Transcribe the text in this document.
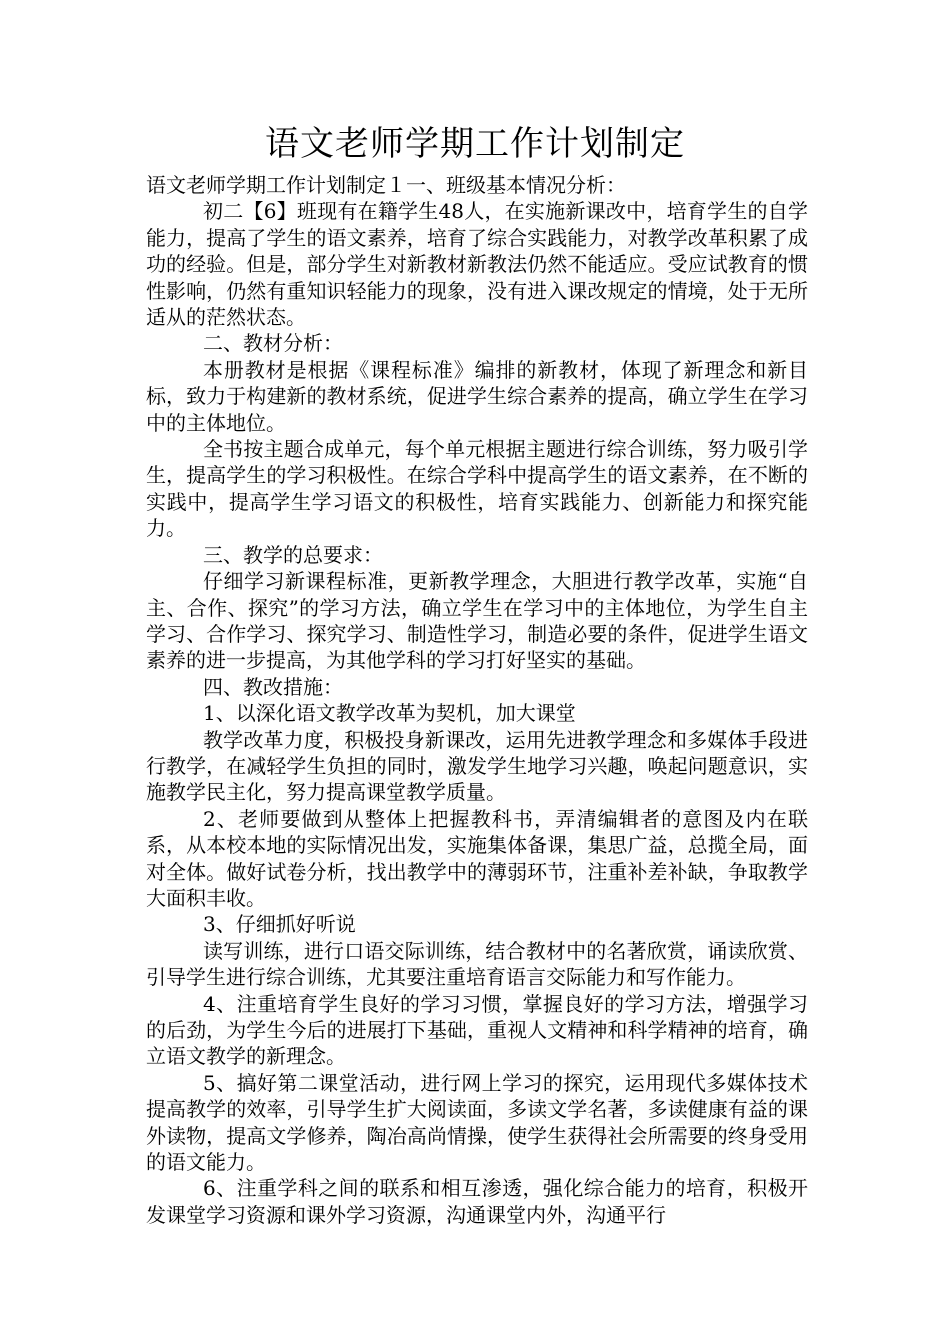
语文老师学期工作计划制定

语文老师学期工作计划制定１一、班级基本情况分析：

初二【6】班现有在籍学生48人，在实施新课改中，培育学生的自学能力，提高了学生的语文素养，培育了综合实践能力，对教学改革积累了成功的经验。但是，部分学生对新教材新教法仍然不能适应。受应试教育的惯性影响，仍然有重知识轻能力的现象，没有进入课改规定的情境，处于无所适从的茫然状态。

二、教材分析：

本册教材是根据《课程标准》编排的新教材，体现了新理念和新目标，致力于构建新的教材系统，促进学生综合素养的提高，确立学生在学习中的主体地位。

全书按主题合成单元，每个单元根据主题进行综合训练，努力吸引学生，提高学生的学习积极性。在综合学科中提高学生的语文素养，在不断的实践中，提高学生学习语文的积极性，培育实践能力、创新能力和探究能力。

三、教学的总要求：

仔细学习新课程标准，更新教学理念，大胆进行教学改革，实施“自主、合作、探究”的学习方法，确立学生在学习中的主体地位，为学生自主学习、合作学习、探究学习、制造性学习，制造必要的条件，促进学生语文素养的进一步提高，为其他学科的学习打好坚实的基础。

四、教改措施：

1、以深化语文教学改革为契机，加大课堂

教学改革力度，积极投身新课改，运用先进教学理念和多媒体手段进行教学，在减轻学生负担的同时，激发学生地学习兴趣，唤起问题意识，实施教学民主化，努力提高课堂教学质量。

2、老师要做到从整体上把握教科书，弄清编辑者的意图及内在联系，从本校本地的实际情况出发，实施集体备课，集思广益，总揽全局，面对全体。做好试卷分析，找出教学中的薄弱环节，注重补差补缺，争取教学大面积丰收。

3、仔细抓好听说

读写训练，进行口语交际训练，结合教材中的名著欣赏，诵读欣赏、引导学生进行综合训练，尤其要注重培育语言交际能力和写作能力。

4、注重培育学生良好的学习习惯，掌握良好的学习方法，增强学习的后劲，为学生今后的进展打下基础，重视人文精神和科学精神的培育，确立语文教学的新理念。

5、搞好第二课堂活动，进行网上学习的探究，运用现代多媒体技术提高教学的效率，引导学生扩大阅读面，多读文学名著，多读健康有益的课外读物，提高文学修养，陶冶高尚情操，使学生获得社会所需要的终身受用的语文能力。

6、注重学科之间的联系和相互渗透，强化综合能力的培育，积极开发课堂学习资源和课外学习资源，沟通课堂内外，沟通平行
